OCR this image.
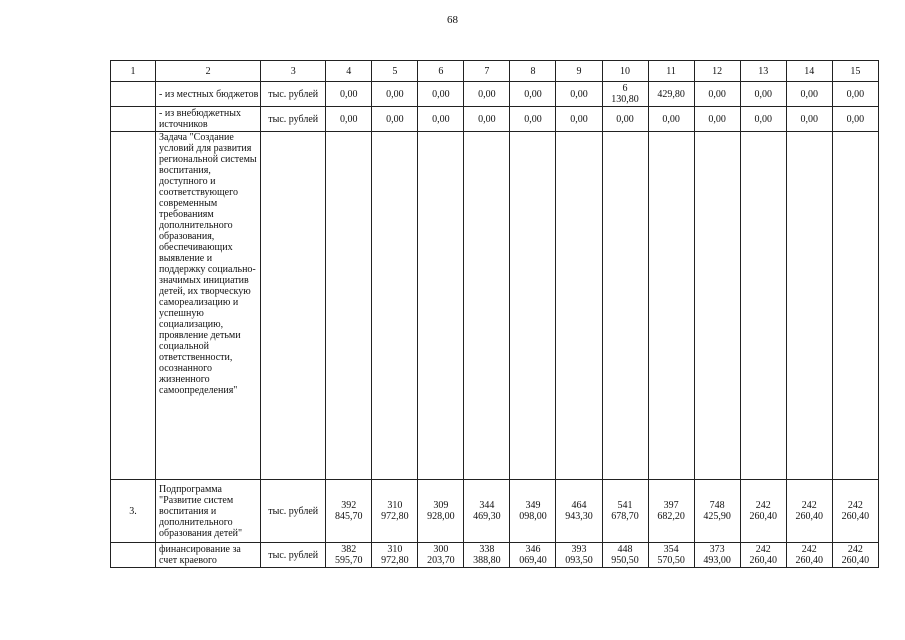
68
1	2	3	4	5	6	7	8	9	10	11	12	13	14	15

	- из местных бюджетов	тыс. рублей	0,00	0,00	0,00	0,00	0,00	0,00	6
130,80	429,80	0,00	0,00	0,00	0,00

	- из внебюджетных источников	тыс. рублей	0,00	0,00	0,00	0,00	0,00	0,00	0,00	0,00	0,00	0,00	0,00	0,00

	Задача "Создание условий для развития региональной системы воспитания, доступного и соответствующего современным требованиям дополнительного образования, обеспечивающих выявление и поддержку социально-значимых инициатив детей, их творческую самореализацию и успешную социализацию, проявление детьми социальной ответственности, осознанного жизненного самоопределения"													

3.	Подпрограмма "Развитие систем воспитания и дополнительного образования детей"	тыс. рублей	392
845,70	310
972,80	309
928,00	344
469,30	349
098,00	464
943,30	541
678,70	397
682,20	748
425,90	242
260,40	242
260,40	242
260,40

	финансирование за счет краевого	тыс. рублей	382
595,70	310
972,80	300
203,70	338
388,80	346
069,40	393
093,50	448
950,50	354
570,50	373
493,00	242
260,40	242
260,40	242
260,40
